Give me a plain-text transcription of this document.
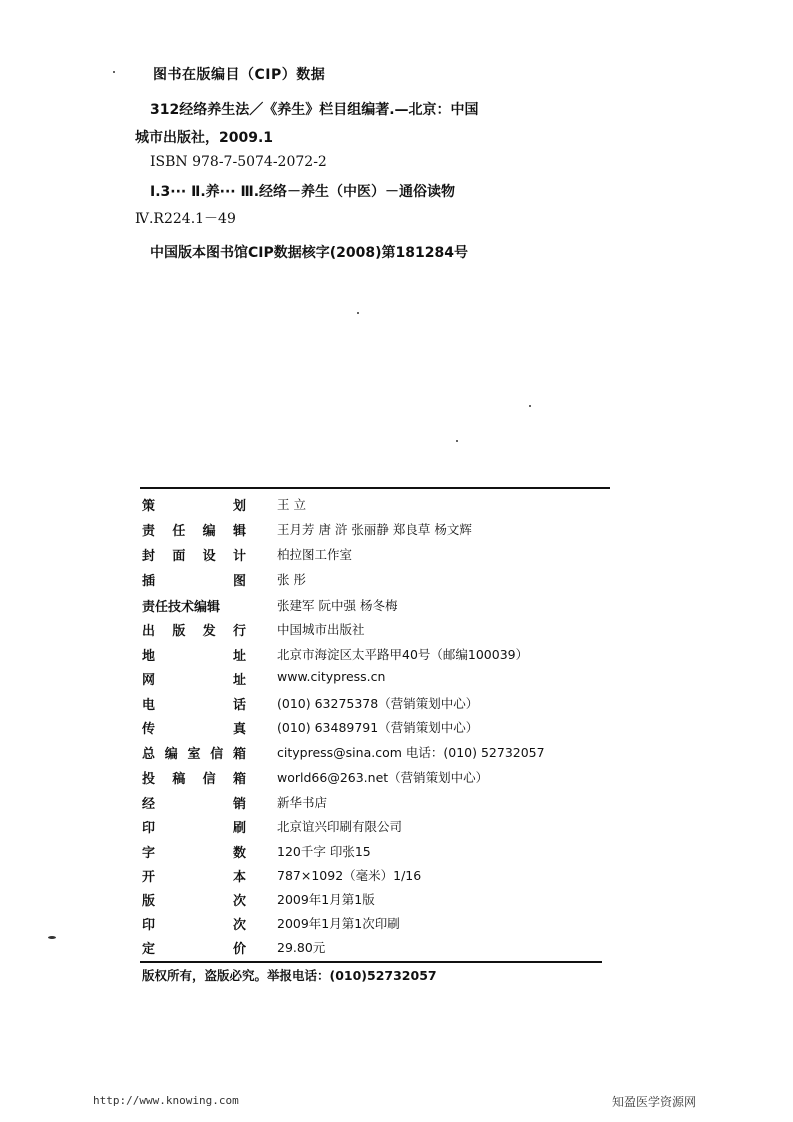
图书在版编目（CIP）数据
312经络养生法／《养生》栏目组编著.—北京：中国
城市出版社，2009.1
ISBN 978-7-5074-2072-2
Ⅰ.3··· Ⅱ.养··· Ⅲ.经络－养生（中医）－通俗读物
Ⅳ.R224.1－49
中国版本图书馆CIP数据核字(2008)第181284号
策	划 王 立
责 任 编 辑 王月芳 唐 浒 张丽静 郑良草 杨文辉
封 面 设 计 柏拉图工作室
插	图 张 彤
责任技术编辑	张建军 阮中强 杨冬梅
出 版 发 行 中国城市出版社
地	址 北京市海淀区太平路甲40号（邮编100039）
网	址 www.citypress.cn
电	话 (010) 63275378（营销策划中心）
传	真 (010) 63489791（营销策划中心）
总 编 室 信 箱 citypress@sina.com 电话：(010) 52732057
投 稿 信 箱 world66@263.net（营销策划中心）
经	销 新华书店
印	刷 北京谊兴印刷有限公司
字	数 120千字 印张15
开	本 787×1092（毫米）1/16
版	次 2009年1月第1版
印	次 2009年1月第1次印刷
定	价 29.80元
版权所有，盗版必究。举报电话：(010)52732057
http://www.knowing.com	知盈医学资源网
